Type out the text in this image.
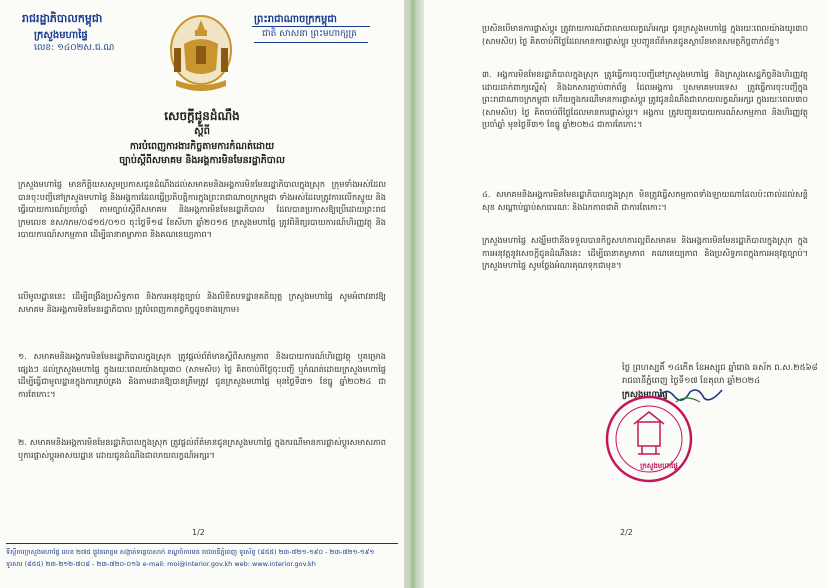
រាជរដ្ឋាភិបាលកម្ពុជា
ក្រសួងមហាផ្ទៃ
លេខ: ១៤០២ស.ជ.ណ
ព្រះរាជាណាចក្រកម្ពុជា
ជាតិ សាសនា ព្រះមហាក្សត្រ
សេចក្ដីជូនដំណឹង
ស្ដីពី
ការបំពេញការងារកិច្ចតាមការកំណត់ដោយ
ច្បាប់ស្ដីពីសមាគម និងអង្គការមិនមែនរដ្ឋាភិបាល
ក្រសួងមហាផ្ទៃ មានកិត្តិយសសូមប្រកាសជូនដំណឹងដល់សមាគមនិងអង្គការមិនមែនរដ្ឋាភិបាលក្នុងស្រុក ក្រុមទាំងអស់ដែលបានចុះបញ្ជីនៅក្រសួងមហាផ្ទៃ និងអង្គការដែលធ្វើប្រតិបត្តិការក្នុងព្រះរាជាណាចក្រកម្ពុជា ទាំងអស់ដែលត្រូវការលើកស្ទួយ និងធ្វើរបាយការណ៍ប្រចាំឆ្នាំ តាមច្បាប់ស្ដីពីសមាគម និងអង្គការមិនមែនរដ្ឋាភិបាល ដែលបានប្រកាសឱ្យប្រើដោយព្រះរាជក្រមលេខ នស/រកម/០៨១៥/០១០ ចុះថ្ងៃទី១៨ ខែសីហា ឆ្នាំ២០១៥ ក្រសួងមហាផ្ទៃ ត្រូវពិនិត្យរបាយការណ៍ហិរញ្ញវត្ថុ និងរបាយការណ៍សកម្មភាព ដើម្បីធានាតម្លាភាព និងគណនេយ្យភាព។
លើមូលដ្ឋាននេះ ដើម្បីពង្រឹងប្រសិទ្ធភាព និងការអនុវត្តច្បាប់ និងលិខិតបទដ្ឋានគតិយុត្ត ក្រសួងមហាផ្ទៃ សូមអំពាវនាវឱ្យសមាគម និងអង្គការមិនមែនរដ្ឋាភិបាល ត្រូវបំពេញកាតព្វកិច្ចដូចខាងក្រោម៖
១. សមាគមនិងអង្គការមិនមែនរដ្ឋាភិបាលក្នុងស្រុក ត្រូវផ្ដល់ព័ត៌មានស្ដីពីសកម្មភាព និងរបាយការណ៍ហិរញ្ញវត្ថុ ឬគម្រោងផ្សេងៗ ដល់ក្រសួងមហាផ្ទៃ ក្នុងរយៈពេលយ៉ាងយូរ៣០ (សាមសិប) ថ្ងៃ គិតចាប់ពីថ្ងៃចុះបញ្ជី ឬកំណត់ដោយក្រសួងមហាផ្ទៃ ដើម្បីធ្វើជាមូលដ្ឋានក្នុងការគ្រប់គ្រង និងតាមដានឱ្យបានត្រឹមត្រូវ ជូនក្រសួងមហាផ្ទៃ មុនថ្ងៃទី៣១ ខែធ្នូ ឆ្នាំ២០២៤ ជាការតែកោះ។
២. សមាគមនិងអង្គការមិនមែនរដ្ឋាភិបាលក្នុងស្រុក ត្រូវផ្ដល់ព័ត៌មានជូនក្រសួងមហាផ្ទៃ ក្នុងករណីមានការផ្លាស់ប្ដូរសមាសភាព ឬការផ្លាស់ប្ដូរអាសយដ្ឋាន ដោយជូនដំណឹងជាលាយលក្ខណ៍អក្សរ។
1/2
ទីស្ដីការក្រសួងមហាផ្ទៃ លេខ ២៧៥ ផ្លូវនរោត្តម សង្កាត់ទន្លេបាសាក់ ខណ្ឌចំការមន រាជធានីភ្នំពេញ ទូរស័ព្ទ (៨៥៥) ២៣-៧២១-១៩០ - ២៣-៧២១-១៩១
ទូរសារ (៨៥៥) ២៣-២១២-៧០៨ - ២៣-៧២០-០១៦ e-mail: moi@interior.gov.kh web: www.interior.gov.kh
ប្រសិនបើមានការផ្លាស់ប្ដូរ ត្រូវរាយការណ៍ជាលាយលក្ខណ៍អក្សរ ជូនក្រសួងមហាផ្ទៃ ក្នុងរយៈពេលយ៉ាងយូរ៣០ (សាមសិប) ថ្ងៃ គិតចាប់ពីថ្ងៃដែលមានការផ្លាស់ប្ដូរ ឬបញ្ជូនព័ត៌មានជូនស្ថាប័នមានសមត្ថកិច្ចពាក់ព័ន្ធ។
៣. អង្គការមិនមែនរដ្ឋាភិបាលក្នុងស្រុក ត្រូវធ្វើការចុះបញ្ជីនៅក្រសួងមហាផ្ទៃ និងក្រសួងសេដ្ឋកិច្ចនិងហិរញ្ញវត្ថុ ដោយដាក់ពាក្យស្នើសុំ និងឯកសារភ្ជាប់ពាក់ព័ន្ធ ដែលអង្គការ ឬសមាគមបរទេស ត្រូវធ្វើការចុះបញ្ជីក្នុងព្រះរាជាណាចក្រកម្ពុជា ហើយក្នុងករណីមានការផ្លាស់ប្ដូរ ត្រូវជូនដំណឹងជាលាយលក្ខណ៍អក្សរ ក្នុងរយៈពេល៣០ (សាមសិប) ថ្ងៃ គិតចាប់ពីថ្ងៃដែលមានការផ្លាស់ប្ដូរ។ អង្គការ ត្រូវបញ្ជូនរបាយការណ៍សកម្មភាព និងហិរញ្ញវត្ថុប្រចាំឆ្នាំ មុនថ្ងៃទី៣១ ខែធ្នូ ឆ្នាំ២០២៤ ជាការតែកោះ។
៤. សមាគមនិងអង្គការមិនមែនរដ្ឋាភិបាលក្នុងស្រុក មិនត្រូវធ្វើសកម្មភាពទាំងឡាយណាដែលប៉ះពាល់ដល់សន្តិសុខ សណ្ដាប់ធ្នាប់សាធារណៈ និងឯកភាពជាតិ ជាការតែកោះ។
ក្រសួងមហាផ្ទៃ សង្ឃឹមថានឹងទទួលបានកិច្ចសហការល្អពីសមាគម និងអង្គការមិនមែនរដ្ឋាភិបាលក្នុងស្រុក ក្នុងការអនុវត្តនូវសេចក្ដីជូនដំណឹងនេះ ដើម្បីធានាតម្លាភាព គណនេយ្យភាព និងប្រសិទ្ធភាពក្នុងការអនុវត្តច្បាប់។ ក្រសួងមហាផ្ទៃ សូមថ្លែងអំណរគុណទុកជាមុន។
ថ្ងៃ ព្រហស្បតិ៍ ១៤កើត ខែអស្សុជ ឆ្នាំរោង ឆស័ក ព.ស.២៥៦៨
រាជធានីភ្នំពេញ ថ្ងៃទី១៧ ខែតុលា ឆ្នាំ២០២៤
ក្រសួងមហាផ្ទៃ
ក្រសួងមហាផ្ទៃ
2/2
